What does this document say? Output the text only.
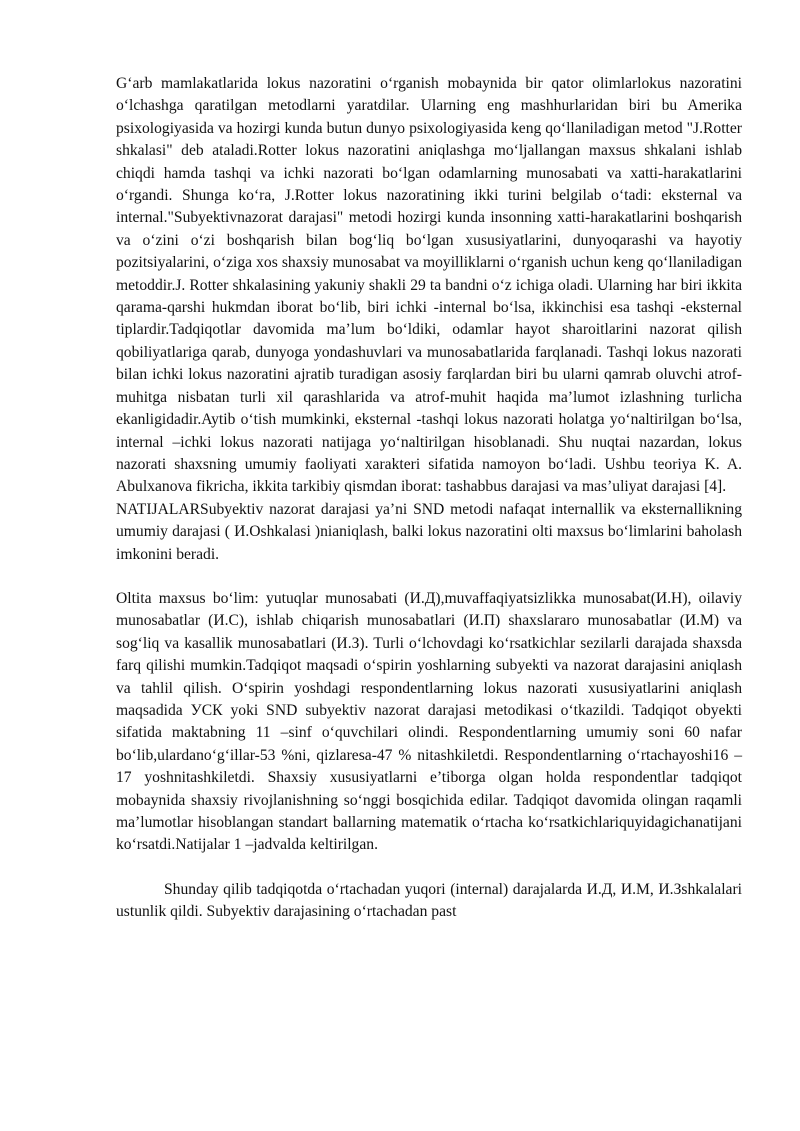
G‘arb mamlakatlarida lokus nazoratini o‘rganish mobaynida bir qator olimlarlokus nazoratini o‘lchashga qaratilgan metodlarni yaratdilar. Ularning eng mashhurlaridan biri bu Amerika psixologiyasida va hozirgi kunda butun dunyo psixologiyasida keng qo‘llaniladigan metod "J.Rotter shkalasi" deb ataladi.Rotter lokus nazoratini aniqlashga mo‘ljallangan maxsus shkalani ishlab chiqdi hamda tashqi va ichki nazorati bo‘lgan odamlarning munosabati va xatti-harakatlarini o‘rgandi. Shunga ko‘ra, J.Rotter lokus nazoratining ikki turini belgilab o‘tadi: eksternal va internal."Subyektivnazorat darajasi" metodi hozirgi kunda insonning xatti-harakatlarini boshqarish va o‘zini o‘zi boshqarish bilan bog‘liq bo‘lgan xususiyatlarini, dunyoqarashi va hayotiy pozitsiyalarini, o‘ziga xos shaxsiy munosabat va moyilliklarni o‘rganish uchun keng qo‘llaniladigan metoddir.J. Rotter shkalasining yakuniy shakli 29 ta bandni o‘z ichiga oladi. Ularning har biri ikkita qarama-qarshi hukmdan iborat bo‘lib, biri ichki -internal bo‘lsa, ikkinchisi esa tashqi -eksternal tiplardir.Tadqiqotlar davomida ma’lum bo‘ldiki, odamlar hayot sharoitlarini nazorat qilish qobiliyatlariga qarab, dunyoga yondashuvlari va munosabatlarida farqlanadi. Tashqi lokus nazorati bilan ichki lokus nazoratini ajratib turadigan asosiy farqlardan biri bu ularni qamrab oluvchi atrof-muhitga nisbatan turli xil qarashlarida va atrof-muhit haqida ma’lumot izlashning turlicha ekanligidadir.Aytib o‘tish mumkinki, eksternal -tashqi lokus nazorati holatga yo‘naltirilgan bo‘lsa, internal –ichki lokus nazorati natijaga yo‘naltirilgan hisoblanadi. Shu nuqtai nazardan, lokus nazorati shaxsning umumiy faoliyati xarakteri sifatida namoyon bo‘ladi. Ushbu teoriya K. A. Abulxanova fikricha, ikkita tarkibiy qismdan iborat: tashabbus darajasi va mas’uliyat darajasi [4].

NATIJALARSubyektiv nazorat darajasi ya’ni SND metodi nafaqat internallik va eksternallikning umumiy darajasi ( И.Oshkalasi )nianiqlash, balki lokus nazoratini olti maxsus bo‘limlarini baholash imkonini beradi.

Oltita maxsus bo‘lim: yutuqlar munosabati (И.Д),muvaffaqiyatsizlikka munosabat(И.Н), oilaviy munosabatlar (И.С), ishlab chiqarish munosabatlari (И.П) shaxslararo munosabatlar (И.М) va sog‘liq va kasallik munosabatlari (И.З). Turli o‘lchovdagi ko‘rsatkichlar sezilarli darajada shaxsda farq qilishi mumkin.Tadqiqot maqsadi o‘spirin yoshlarning subyekti va nazorat darajasini aniqlash va tahlil qilish. O‘spirin yoshdagi respondentlarning lokus nazorati xususiyatlarini aniqlash maqsadida УСК yoki SND subyektiv nazorat darajasi metodikasi o‘tkazildi. Tadqiqot obyekti sifatida maktabning 11 –sinf o‘quvchilari olindi. Respondentlarning umumiy soni 60 nafar bo‘lib,ulardano‘g‘illar-53 %ni, qizlaresa-47 % nitashkiletdi. Respondentlarning o‘rtachayoshi16 –17 yoshnitashkiletdi. Shaxsiy xususiyatlarni e’tiborga olgan holda respondentlar tadqiqot mobaynida shaxsiy rivojlanishning so‘nggi bosqichida edilar. Tadqiqot davomida olingan raqamli ma’lumotlar hisoblangan standart ballarning matematik o‘rtacha ko‘rsatkichlariquyidagichanatijani ko‘rsatdi.Natijalar 1 –jadvalda keltirilgan.

Shunday qilib tadqiqotda o‘rtachadan yuqori (internal) darajalarda И.Д, И.М, И.Зshkalalari ustunlik qildi. Subyektiv darajasining o‘rtachadan past
